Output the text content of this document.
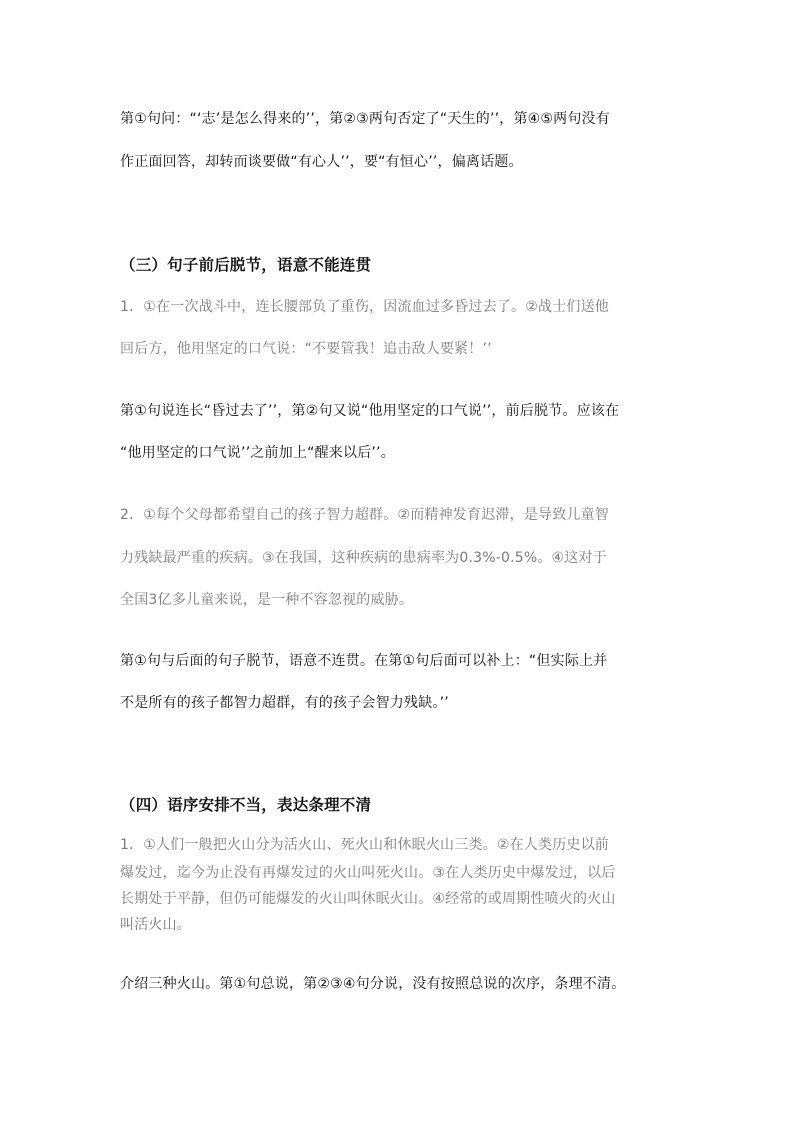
第①句问：“‘志’是怎么得来的’’，第②③两句否定了“天生的’’，第④⑤两句没有
作正面回答，却转而谈要做“有心人’’，要“有恒心’’，偏离话题。
（三）句子前后脱节，语意不能连贯
1．①在一次战斗中，连长腰部负了重伤，因流血过多昏过去了。②战士们送他
回后方，他用坚定的口气说：“不要管我！追击敌人要紧！’’
第①句说连长“昏过去了’’，第②句又说“他用坚定的口气说’’，前后脱节。应该在
“他用坚定的口气说’’之前加上“醒来以后’’。
2．①每个父母都希望自己的孩子智力超群。②而精神发育迟滞，是导致儿童智
力残缺最严重的疾病。③在我国，这种疾病的患病率为0.3%-0.5%。④这对于
全国3亿多儿童来说，是一种不容忽视的威胁。
第①句与后面的句子脱节，语意不连贯。在第①句后面可以补上：“但实际上并
不是所有的孩子都智力超群，有的孩子会智力残缺。’’
（四）语序安排不当，表达条理不清
1．①人们一般把火山分为活火山、死火山和休眠火山三类。②在人类历史以前
爆发过，迄今为止没有再爆发过的火山叫死火山。③在人类历史中爆发过，以后
长期处于平静，但仍可能爆发的火山叫休眠火山。④经常的或周期性喷火的火山
叫活火山。
介绍三种火山。第①句总说，第②③④句分说，没有按照总说的次序，条理不清。
